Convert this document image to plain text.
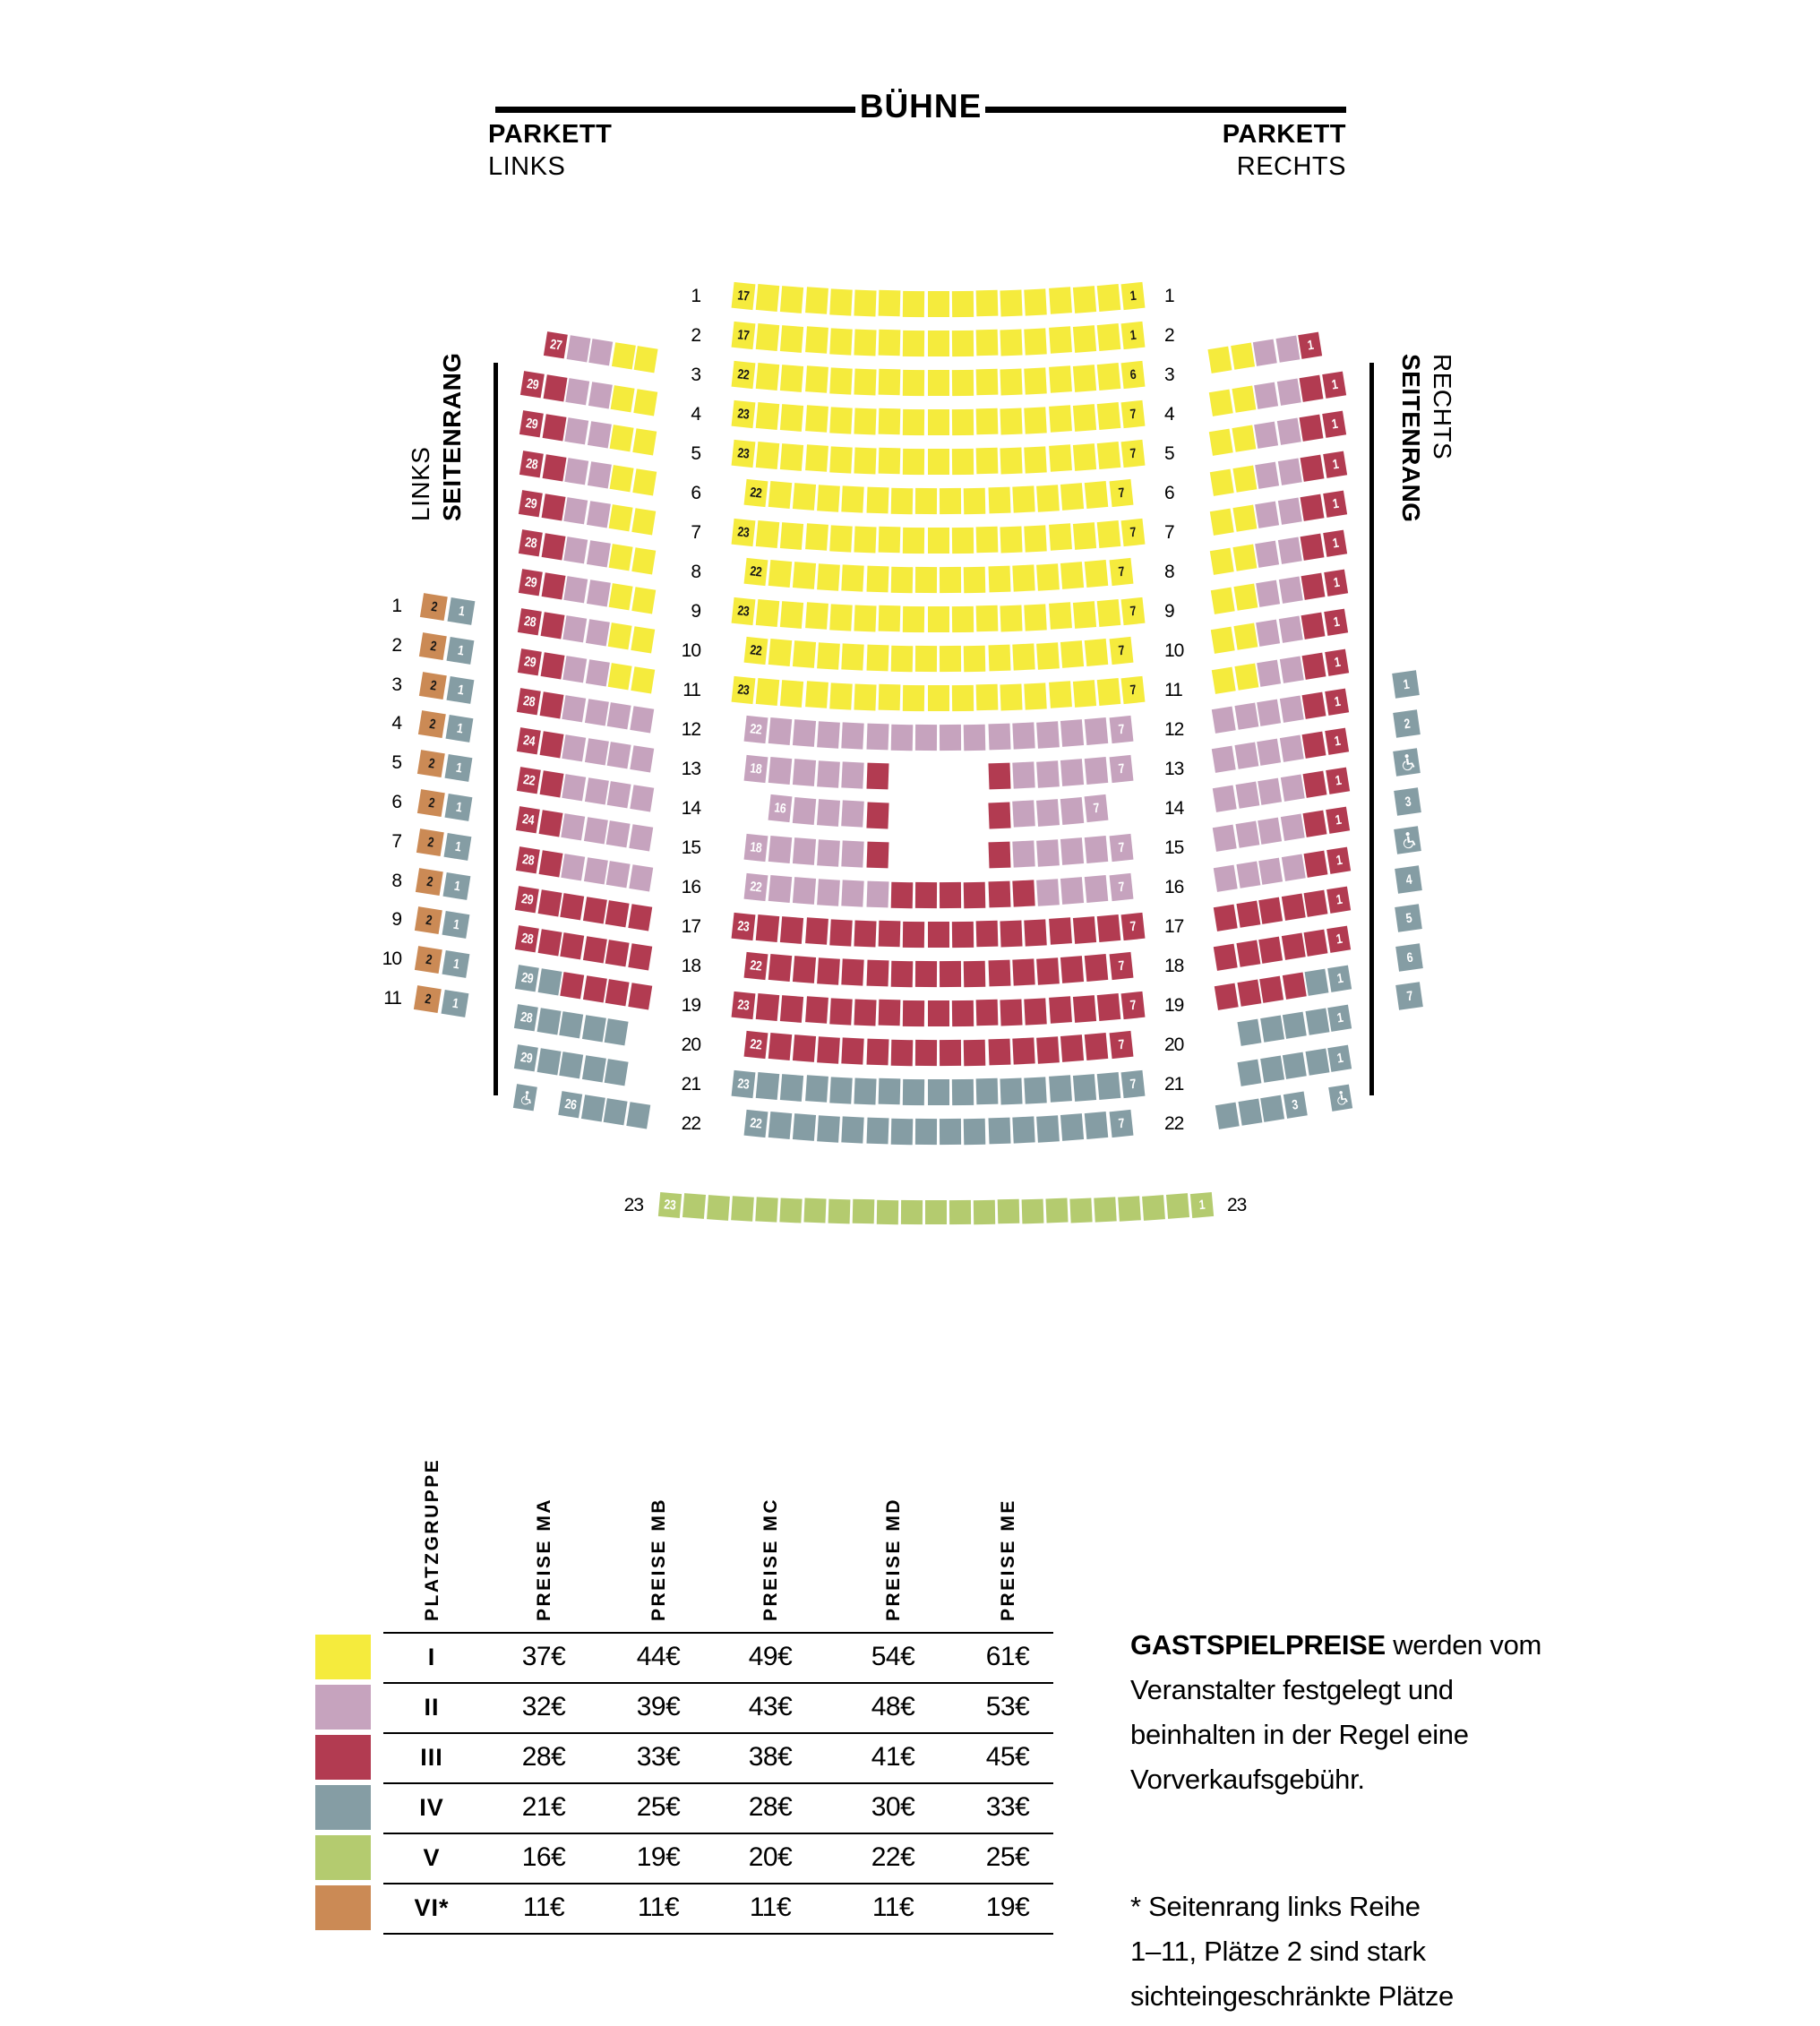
BÜHNE
PARKETT
LINKS
PARKETT
RECHTS
SEITENRANG
LINKS	SEITENRANG RECHTS
17	1
1	1
17	1
2	2
22	6
3	3
23	7
4	4
23	7
5	5
22	7
6	6
23	7
7	7
22	7
8	8
23	7
9	9
22	7
10	10
23	7
11	11
22	7
12	12
18	7
13	13
16	7
14	14
18	7
15	15
22	7
16	16
23	7
17	17
22	7
18	18
23	7
19	19
22	7
20	20
23	7
21	21
22	7
22	22
23	1
23	23
27
29
29
28
29
28
29
28
29
28
24
22
24
28
29
28
29
28
29
26
1
1
1
1
1
1
1
1
1
1
1
1
1
1
1
1
1
1
1
3
1 2 1
2 2 1
3 2 1
4 2 1
5 2 1
6 2 1
7 2 1
8 2 1
9 2 1
10 2 1
11 2 1
1
2
3
4
5
6
7
PLATZGRUPPE	PREISE MA	PREISE MB	PREISE MC	PREISE MD	PREISE ME
I	37€	44€	49€	54€	61€
II	32€	39€	43€	48€	53€
III	28€	33€	38€	41€	45€
IV	21€	25€	28€	30€	33€
V	16€	19€	20€	22€	25€
VI*	11€	11€	11€	11€	19€
GASTSPIELPREISE werden vom
Veranstalter festgelegt und
beinhalten in der Regel eine
Vorverkaufsgebühr.
* Seitenrang links Reihe
1–11, Plätze 2 sind stark
sichteingeschränkte Plätze
